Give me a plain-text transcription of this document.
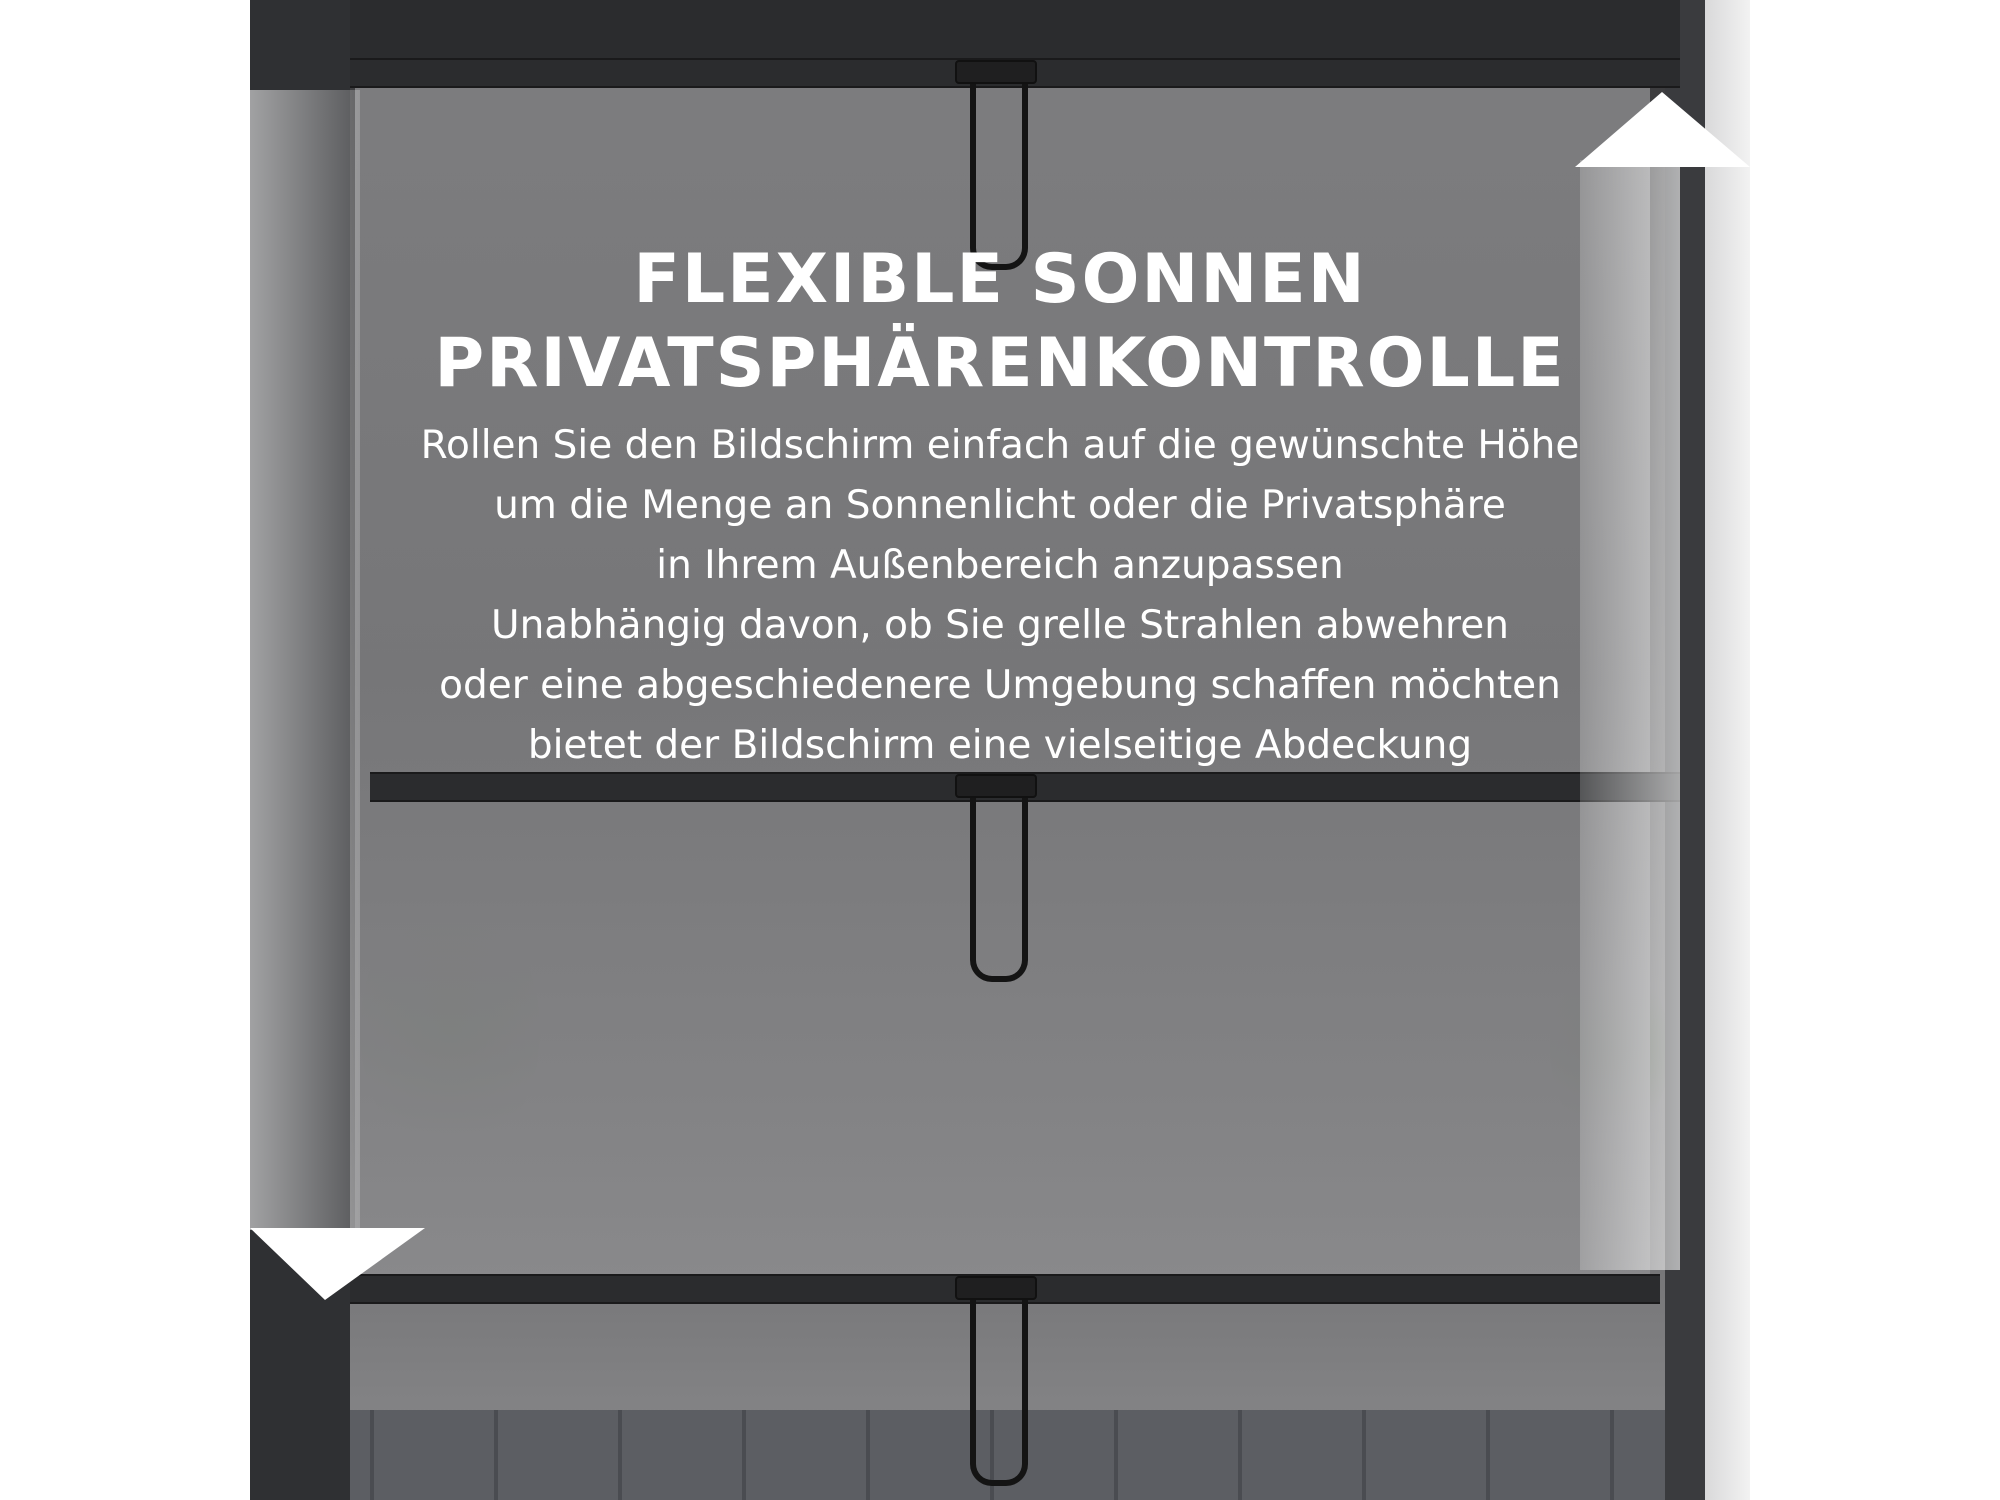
FLEXIBLE SONNEN
PRIVATSPHÄRENKONTROLLE

Rollen Sie den Bildschirm einfach auf die gewünschte Höhe
um die Menge an Sonnenlicht oder die Privatsphäre
in Ihrem Außenbereich anzupassen
Unabhängig davon, ob Sie grelle Strahlen abwehren
oder eine abgeschiedenere Umgebung schaffen möchten
bietet der Bildschirm eine vielseitige Abdeckung
